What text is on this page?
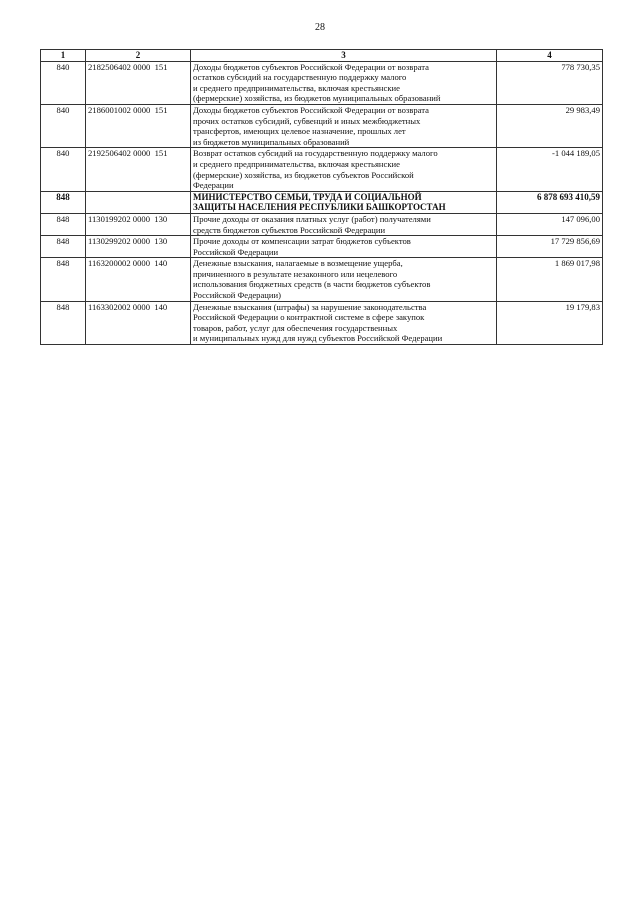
28
1	2	3	4
840	2182506402 0000  151	Доходы бюджетов субъектов Российской Федерации от возврата
остатков субсидий на государственную поддержку малого
и среднего предпринимательства, включая крестьянские
(фермерские) хозяйства, из бюджетов муниципальных образований	778 730,35
840	2186001002 0000  151	Доходы бюджетов субъектов Российской Федерации от возврата
прочих остатков субсидий, субвенций и иных межбюджетных
трансфертов, имеющих целевое назначение, прошлых лет
из бюджетов муниципальных образований	29 983,49
840	2192506402 0000  151	Возврат остатков субсидий на государственную поддержку малого
и среднего предпринимательства, включая крестьянские
(фермерские) хозяйства, из бюджетов субъектов Российской
Федерации	-1 044 189,05
848		МИНИСТЕРСТВО СЕМЬИ, ТРУДА И СОЦИАЛЬНОЙ
ЗАЩИТЫ НАСЕЛЕНИЯ РЕСПУБЛИКИ БАШКОРТОСТАН	6 878 693 410,59
848	1130199202 0000  130	Прочие доходы от оказания платных услуг (работ) получателями
средств бюджетов субъектов Российской Федерации	147 096,00
848	1130299202 0000  130	Прочие доходы от компенсации затрат бюджетов субъектов
Российской Федерации	17 729 856,69
848	1163200002 0000  140	Денежные взыскания, налагаемые в возмещение ущерба,
причиненного в результате незаконного или нецелевого
использования бюджетных средств (в части бюджетов субъектов
Российской Федерации)	1 869 017,98
848	1163302002 0000  140	Денежные взыскания (штрафы) за нарушение законодательства
Российской Федерации о контрактной системе в сфере закупок
товаров, работ, услуг для обеспечения государственных
и муниципальных нужд для нужд субъектов Российской Федерации	19 179,83
